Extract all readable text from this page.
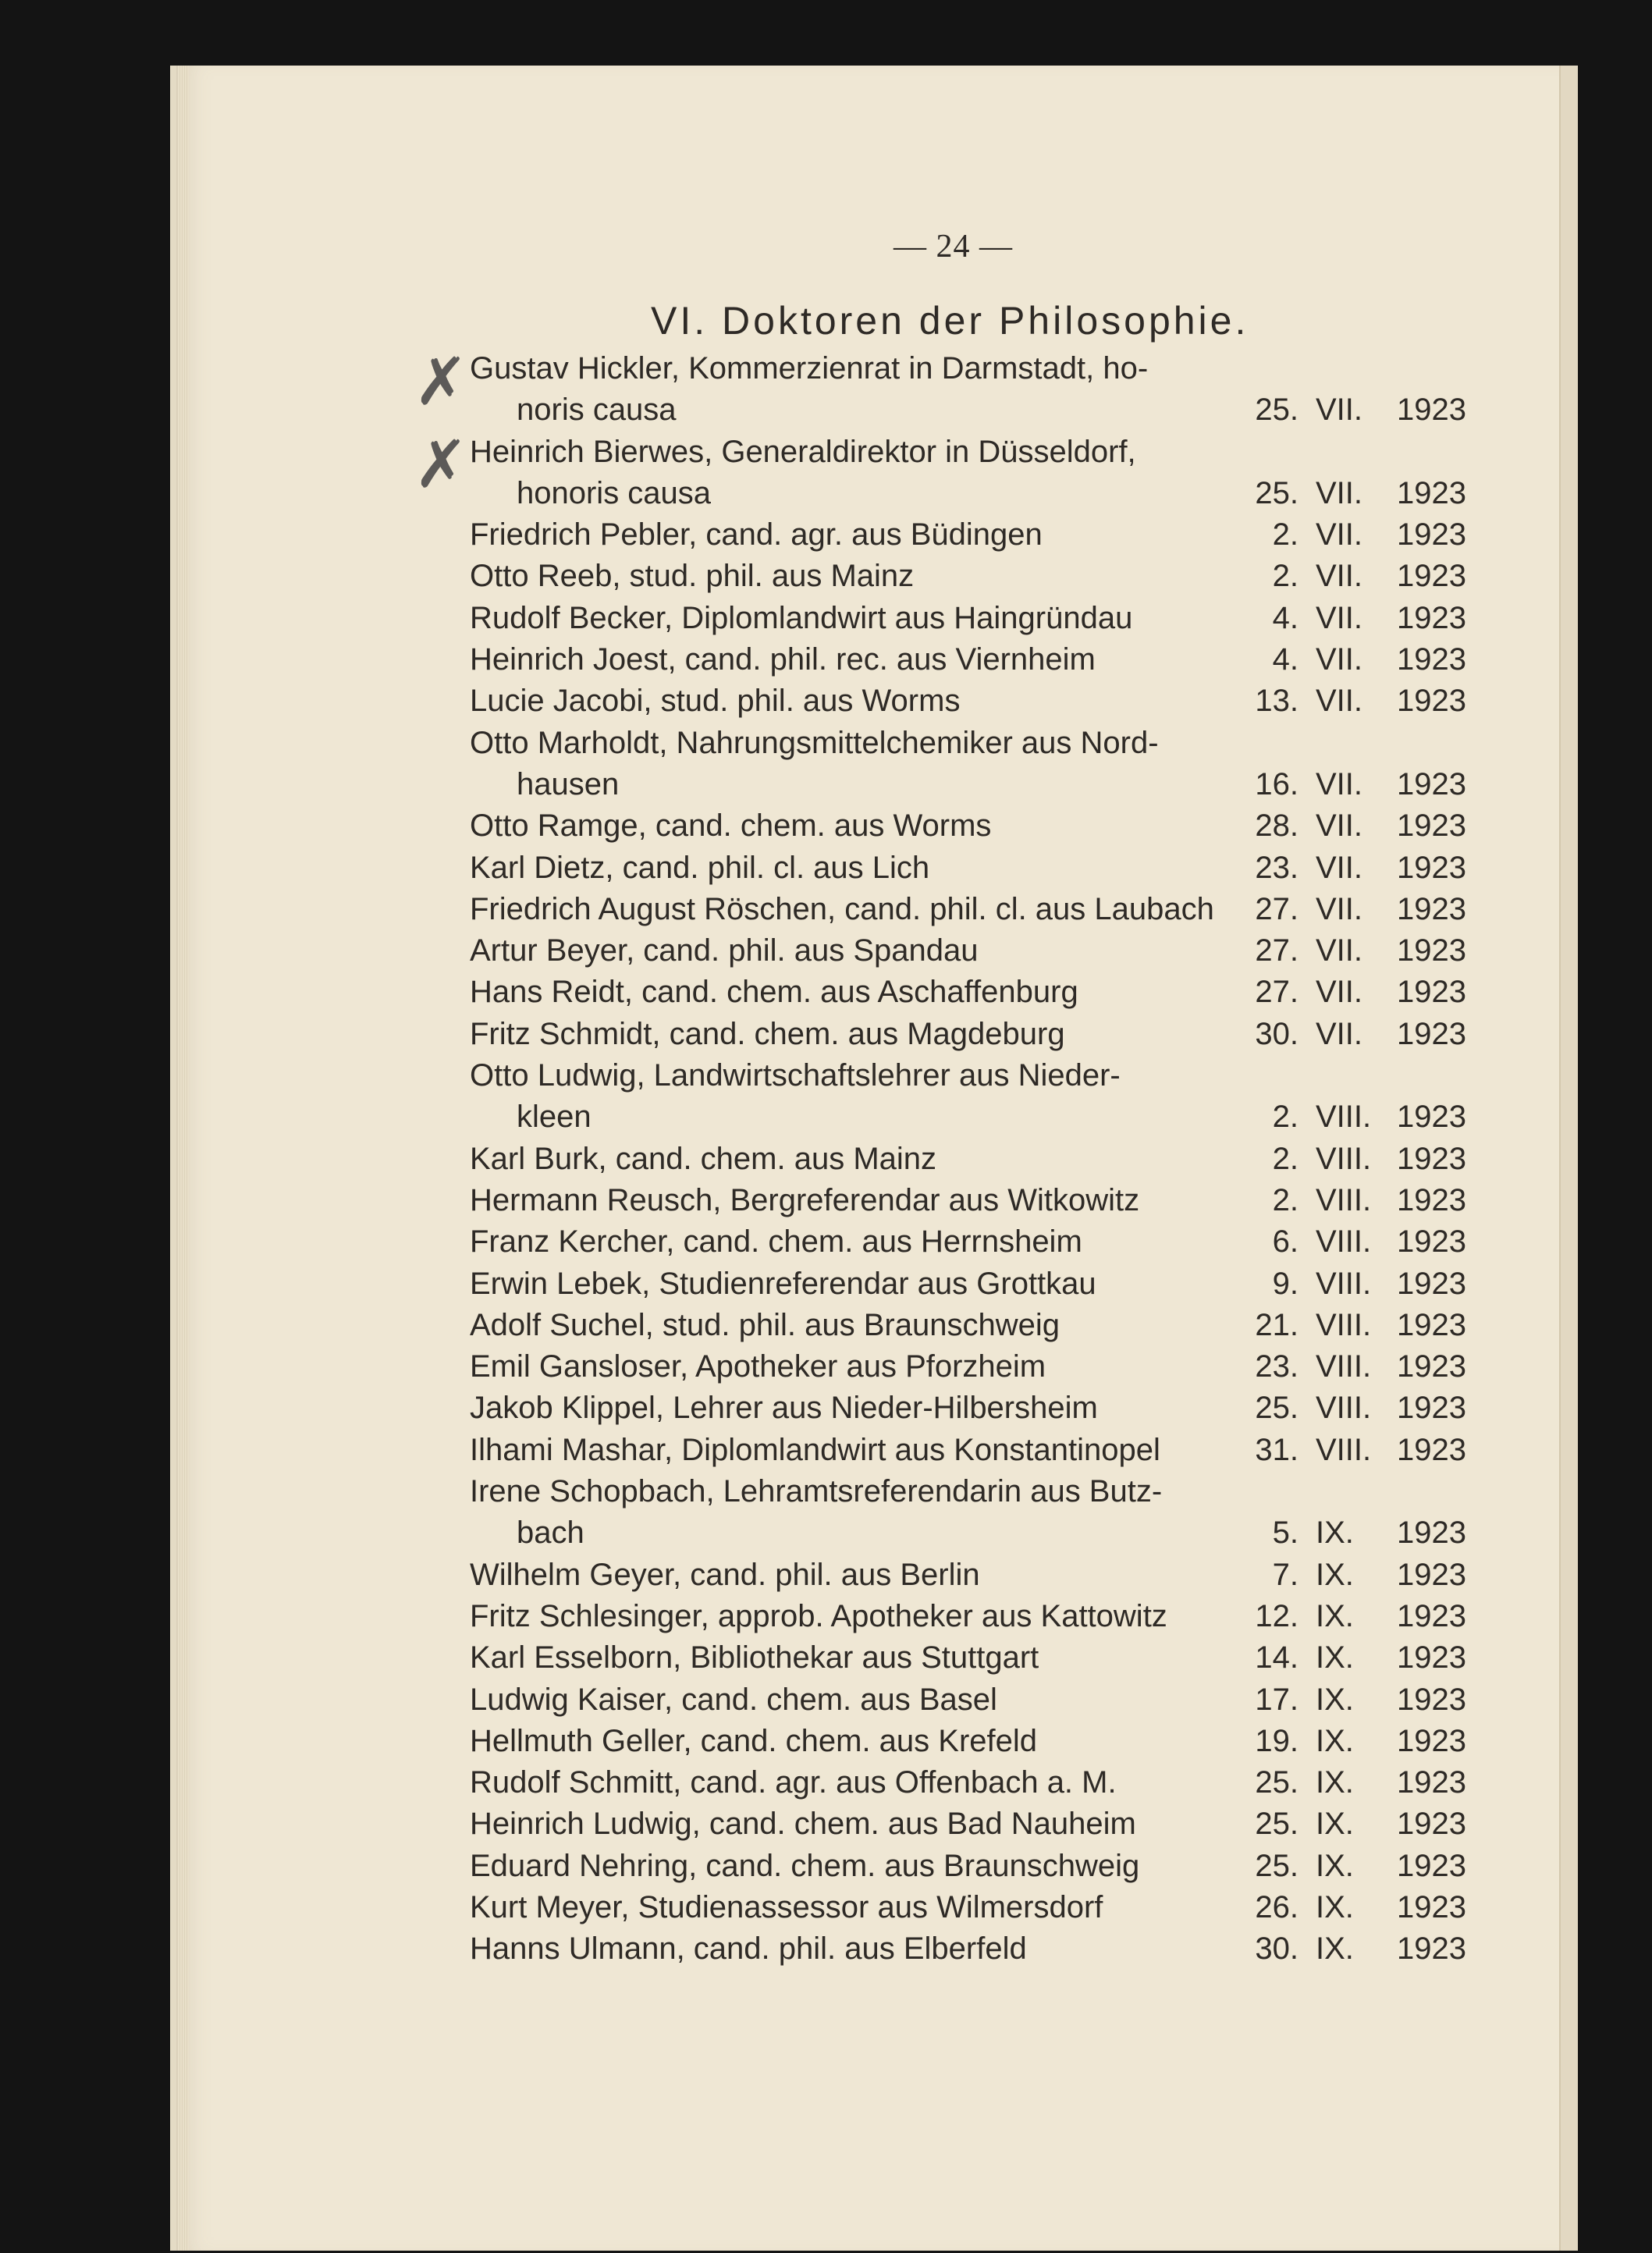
— 24 —
VI. Doktoren der Philosophie.
✗
✗
Gustav Hickler, Kommerzienrat in Darmstadt, ho-
noris causa	25. VII. 1923
Heinrich Bierwes, Generaldirektor in Düsseldorf,
honoris causa	25. VII. 1923
Friedrich Pebler, cand. agr. aus Büdingen	2. VII. 1923
Otto Reeb, stud. phil. aus Mainz	2. VII. 1923
Rudolf Becker, Diplomlandwirt aus Haingründau	4. VII. 1923
Heinrich Joest, cand. phil. rec. aus Viernheim	4. VII. 1923
Lucie Jacobi, stud. phil. aus Worms	13. VII. 1923
Otto Marholdt, Nahrungsmittelchemiker aus Nord-
hausen	16. VII. 1923
Otto Ramge, cand. chem. aus Worms	28. VII. 1923
Karl Dietz, cand. phil. cl. aus Lich	23. VII. 1923
Friedrich August Röschen, cand. phil. cl. aus Laubach	27. VII. 1923
Artur Beyer, cand. phil. aus Spandau	27. VII. 1923
Hans Reidt, cand. chem. aus Aschaffenburg	27. VII. 1923
Fritz Schmidt, cand. chem. aus Magdeburg	30. VII. 1923
Otto Ludwig, Landwirtschaftslehrer aus Nieder-
kleen	2. VIII. 1923
Karl Burk, cand. chem. aus Mainz	2. VIII. 1923
Hermann Reusch, Bergreferendar aus Witkowitz	2. VIII. 1923
Franz Kercher, cand. chem. aus Herrnsheim	6. VIII. 1923
Erwin Lebek, Studienreferendar aus Grottkau	9. VIII. 1923
Adolf Suchel, stud. phil. aus Braunschweig	21. VIII. 1923
Emil Gansloser, Apotheker aus Pforzheim	23. VIII. 1923
Jakob Klippel, Lehrer aus Nieder-Hilbersheim	25. VIII. 1923
Ilhami Mashar, Diplomlandwirt aus Konstantinopel	31. VIII. 1923
Irene Schopbach, Lehramtsreferendarin aus Butz-
bach	5. IX. 1923
Wilhelm Geyer, cand. phil. aus Berlin	7. IX. 1923
Fritz Schlesinger, approb. Apotheker aus Kattowitz	12. IX. 1923
Karl Esselborn, Bibliothekar aus Stuttgart	14. IX. 1923
Ludwig Kaiser, cand. chem. aus Basel	17. IX. 1923
Hellmuth Geller, cand. chem. aus Krefeld	19. IX. 1923
Rudolf Schmitt, cand. agr. aus Offenbach a. M.	25. IX. 1923
Heinrich Ludwig, cand. chem. aus Bad Nauheim	25. IX. 1923
Eduard Nehring, cand. chem. aus Braunschweig	25. IX. 1923
Kurt Meyer, Studienassessor aus Wilmersdorf	26. IX. 1923
Hanns Ulmann, cand. phil. aus Elberfeld	30. IX. 1923
